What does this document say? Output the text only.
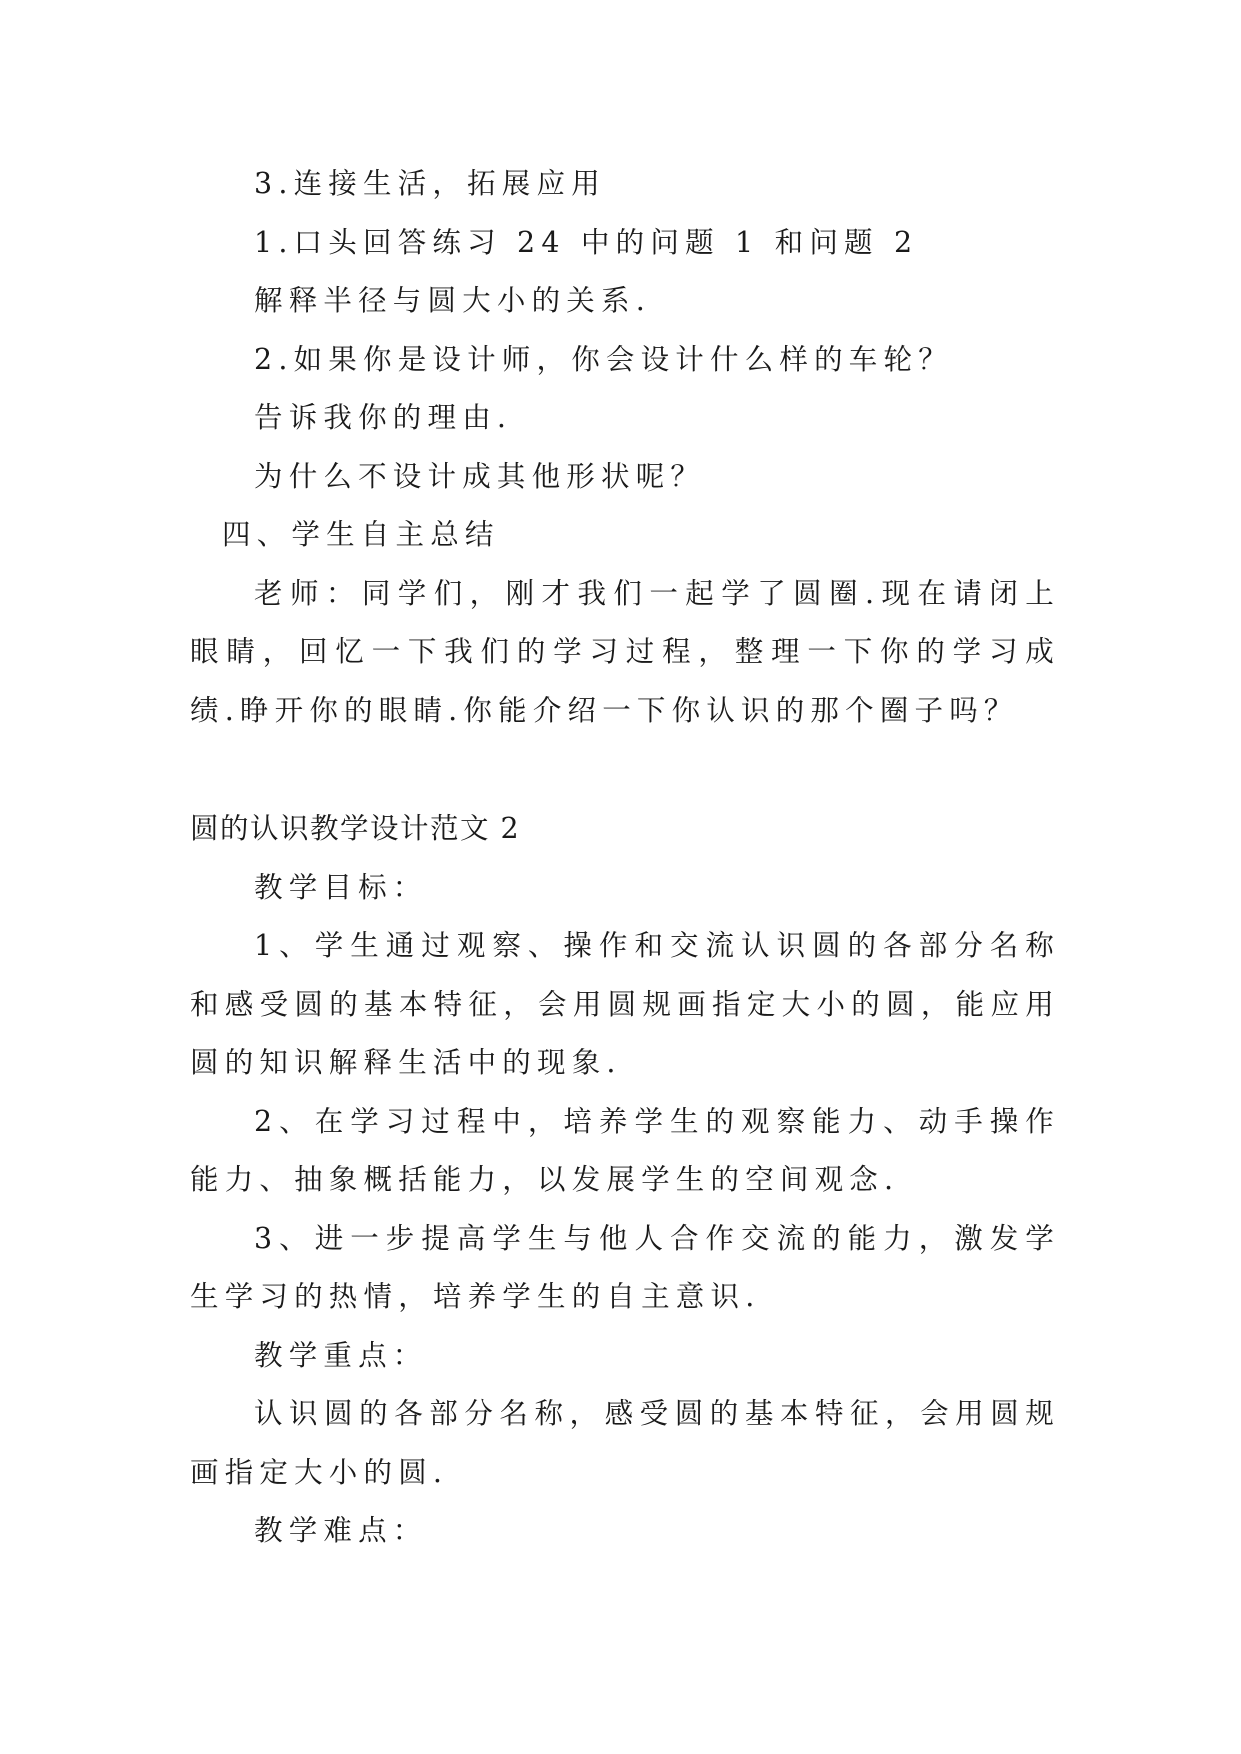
3.连接生活，拓展应用

1.口头回答练习 24 中的问题 1 和问题 2

解释半径与圆大小的关系.

2.如果你是设计师，你会设计什么样的车轮？

告诉我你的理由.

为什么不设计成其他形状呢？

四、学生自主总结

老师：同学们，刚才我们一起学了圆圈.现在请闭上眼睛，回忆一下我们的学习过程，整理一下你的学习成绩.睁开你的眼睛.你能介绍一下你认识的那个圈子吗？

圆的认识教学设计范文 2

教学目标：

1、学生通过观察、操作和交流认识圆的各部分名称和感受圆的基本特征，会用圆规画指定大小的圆，能应用圆的知识解释生活中的现象.

2、在学习过程中，培养学生的观察能力、动手操作能力、抽象概括能力，以发展学生的空间观念.

3、进一步提高学生与他人合作交流的能力，激发学生学习的热情，培养学生的自主意识.

教学重点：

认识圆的各部分名称，感受圆的基本特征，会用圆规画指定大小的圆.

教学难点：
